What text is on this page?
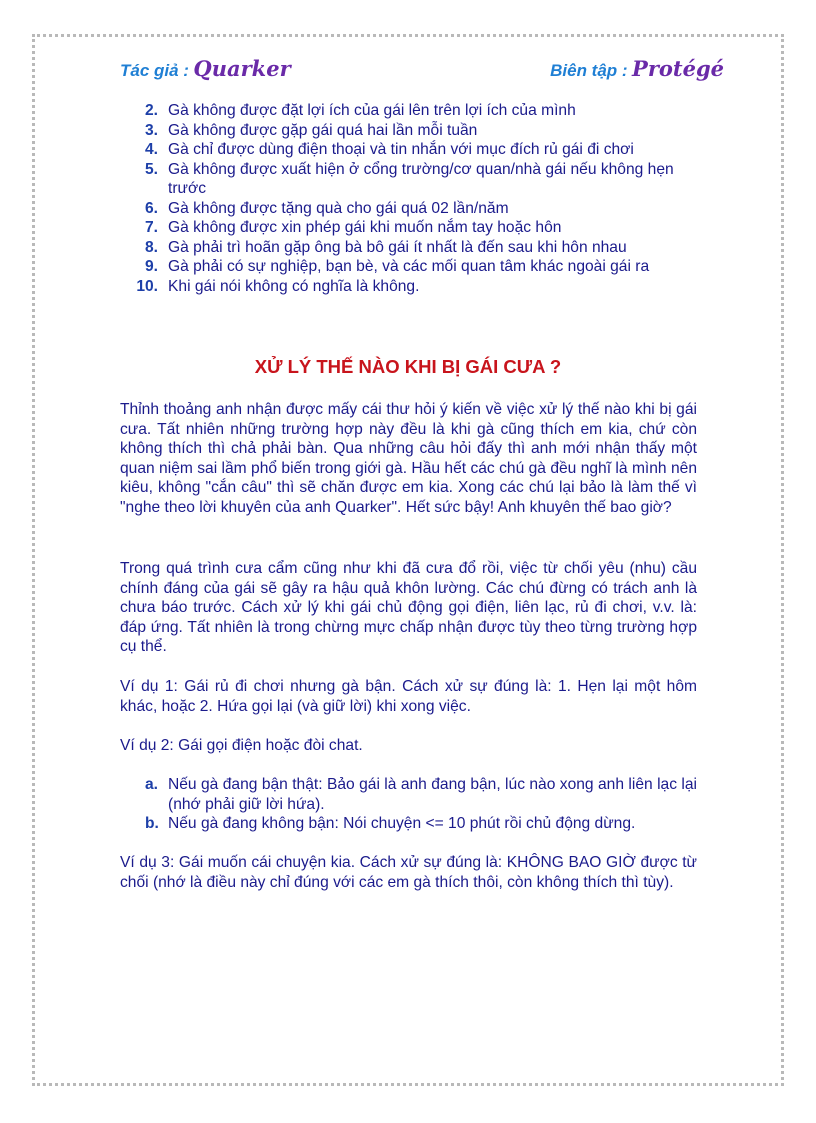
Tác giả : Quarker	Biên tập : Protégé
2. Gà không được đặt lợi ích của gái lên trên lợi ích của mình
3. Gà không được gặp gái quá hai lần mỗi tuần
4. Gà chỉ được dùng điện thoại và tin nhắn với mục đích rủ gái đi chơi
5. Gà không được xuất hiện ở cổng trường/cơ quan/nhà gái nếu không hẹn trước
6. Gà không được tặng quà cho gái quá 02 lần/năm
7. Gà không được xin phép gái khi muốn nắm tay hoặc hôn
8. Gà phải trì hoãn gặp ông bà bô gái ít nhất là đến sau khi hôn nhau
9. Gà phải có sự nghiệp, bạn bè, và các mối quan tâm khác ngoài gái ra
10. Khi gái nói không có nghĩa là không.
XỬ LÝ THẾ NÀO KHI BỊ GÁI CƯA ?

Thỉnh thoảng anh nhận được mấy cái thư hỏi ý kiến về việc xử lý thế nào khi bị gái cưa. Tất nhiên những trường hợp này đều là khi gà cũng thích em kia, chứ còn không thích thì chả phải bàn. Qua những câu hỏi đấy thì anh mới nhận thấy một quan niệm sai lầm phổ biến trong giới gà. Hầu hết các chú gà đều nghĩ là mình nên kiêu, không "cắn câu" thì sẽ chăn được em kia. Xong các chú lại bảo là làm thế vì "nghe theo lời khuyên của anh Quarker". Hết sức bậy! Anh khuyên thế bao giờ?

Trong quá trình cưa cẩm cũng như khi đã cưa đổ rồi, việc từ chối yêu (nhu) cầu chính đáng của gái sẽ gây ra hậu quả khôn lường. Các chú đừng có trách anh là chưa báo trước. Cách xử lý khi gái chủ động gọi điện, liên lạc, rủ đi chơi, v.v. là: đáp ứng. Tất nhiên là trong chừng mực chấp nhận được tùy theo từng trường hợp cụ thể.

Ví dụ 1: Gái rủ đi chơi nhưng gà bận. Cách xử sự đúng là: 1. Hẹn lại một hôm khác, hoặc 2. Hứa gọi lại (và giữ lời) khi xong việc.

Ví dụ 2: Gái gọi điện hoặc đòi chat.

a. Nếu gà đang bận thật: Bảo gái là anh đang bận, lúc nào xong anh liên lạc lại (nhớ phải giữ lời hứa).
b. Nếu gà đang không bận: Nói chuyện <= 10 phút rồi chủ động dừng.

Ví dụ 3: Gái muốn cái chuyện kia. Cách xử sự đúng là: KHÔNG BAO GIỜ được từ chối (nhớ là điều này chỉ đúng với các em gà thích thôi, còn không thích thì tùy).
